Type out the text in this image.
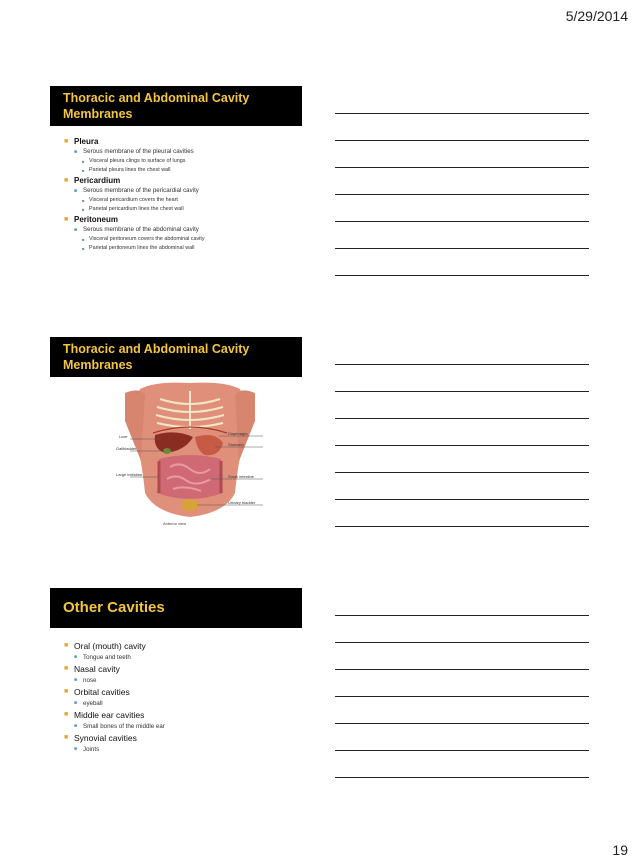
5/29/2014
Thoracic and Abdominal Cavity Membranes
■ Pleura
■ Serous membrane of the pleural cavities
■ Visceral pleura clings to surface of lungs
■ Parietal pleura lines the chest wall
■ Pericardium
■ Serous membrane of the pericardial cavity
■ Visceral pericardium covers the heart
■ Parietal pericardium lines the chest wall
■ Peritoneum
■ Serous membrane of the abdominal cavity
■ Visceral peritoneum covers the abdominal cavity
■ Parietal peritoneum lines the abdominal wall
Thoracic and Abdominal Cavity Membranes
Liver
Gallbladder
Large intestine
Diaphragm
Stomach
Small intestine
Urinary bladder
Anterior view
Other Cavities
■ Oral (mouth) cavity
■ Tongue and teeth
■ Nasal cavity
■ nose
■ Orbital cavities
■ eyeball
■ Middle ear cavities
■ Small bones of the middle ear
■ Synovial cavities
■ Joints
19
